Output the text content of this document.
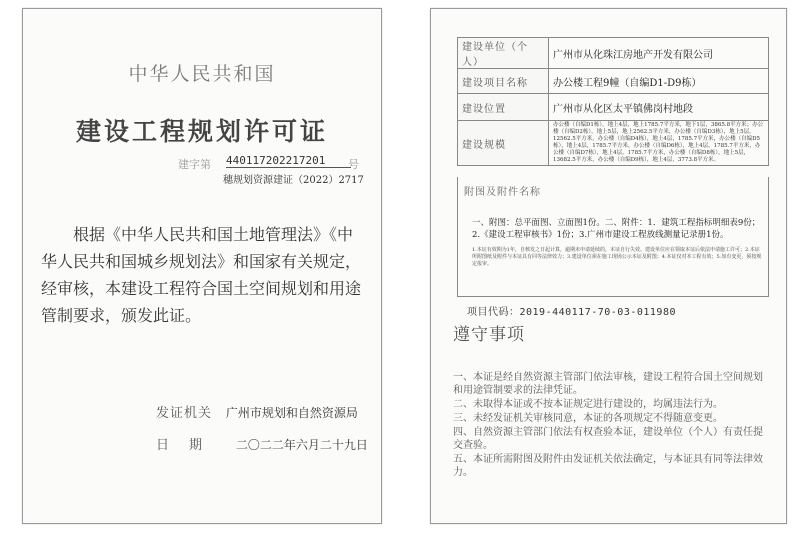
中华人民共和国
建设工程规划许可证
建字第 440117202217201	号
穗规划资源建证（2022）2717
根据《中华人民共和国土地管理法》《中华人民共和国城乡规划法》和国家有关规定，经审核，本建设工程符合国土空间规划和用途管制要求，颁发此证。
发证机关 广州市规划和自然资源局
日期 二〇二二年六月二十九日
建设单位（个人）	广州市从化珠江房地产开发有限公司
建设项目名称	办公楼工程9幢（自编D1-D9栋）
建设位置	广州市从化区太平镇佛岗村地段
建设规模	办公楼（自编D1栋），地上4层，地上1785.7平方米，地下1层，3865.8平方米；办公楼（自编D2栋），地上5层，地上2562.5平方米，办公楼（自编D3栋），地上5层，12562.5平方米，办公楼（自编D4栋），地上4层，1785.7平方米，办公楼（自编D5栋），地上4层，1785.7平方米，办公楼（自编D6栋），地上4层，1785.7平方米，办公楼（自编D7栋），地上4层，1785.7平方米，办公楼（自编D8栋），地上5层，13682.5平方米，办公楼（自编D9栋），地上4层，3773.8平方米。
附图及附件名称
一、附图：总平面图、立面图1份。二、附件：1．建筑工程指标明细表9份；2.《建设工程审核书》1份；3.广州市建设工程放线测量记录册1份。
1.本证有效期为1年，自核发之日起计算，逾期未申请延续的，本证自行失效。建设单位应在领取本证后依法申请施工许可；2.本证所附图纸及附件与本证具有同等法律效力；3.建设单位须在施工现场公示本证及附图；4.本证仅对本工程有效；5.如有变更，须按规定报审。
项目代码：2019-440117-70-03-011980
遵守事项
一、本证是经自然资源主管部门依法审核，建设工程符合国土空间规划和用途管制要求的法律凭证。
二、未取得本证或不按本证规定进行建设的，均属违法行为。
三、未经发证机关审核同意，本证的各项规定不得随意变更。
四、自然资源主管部门依法有权查验本证，建设单位（个人）有责任提交查验。
五、本证所需附图及附件由发证机关依法确定，与本证具有同等法律效力。
